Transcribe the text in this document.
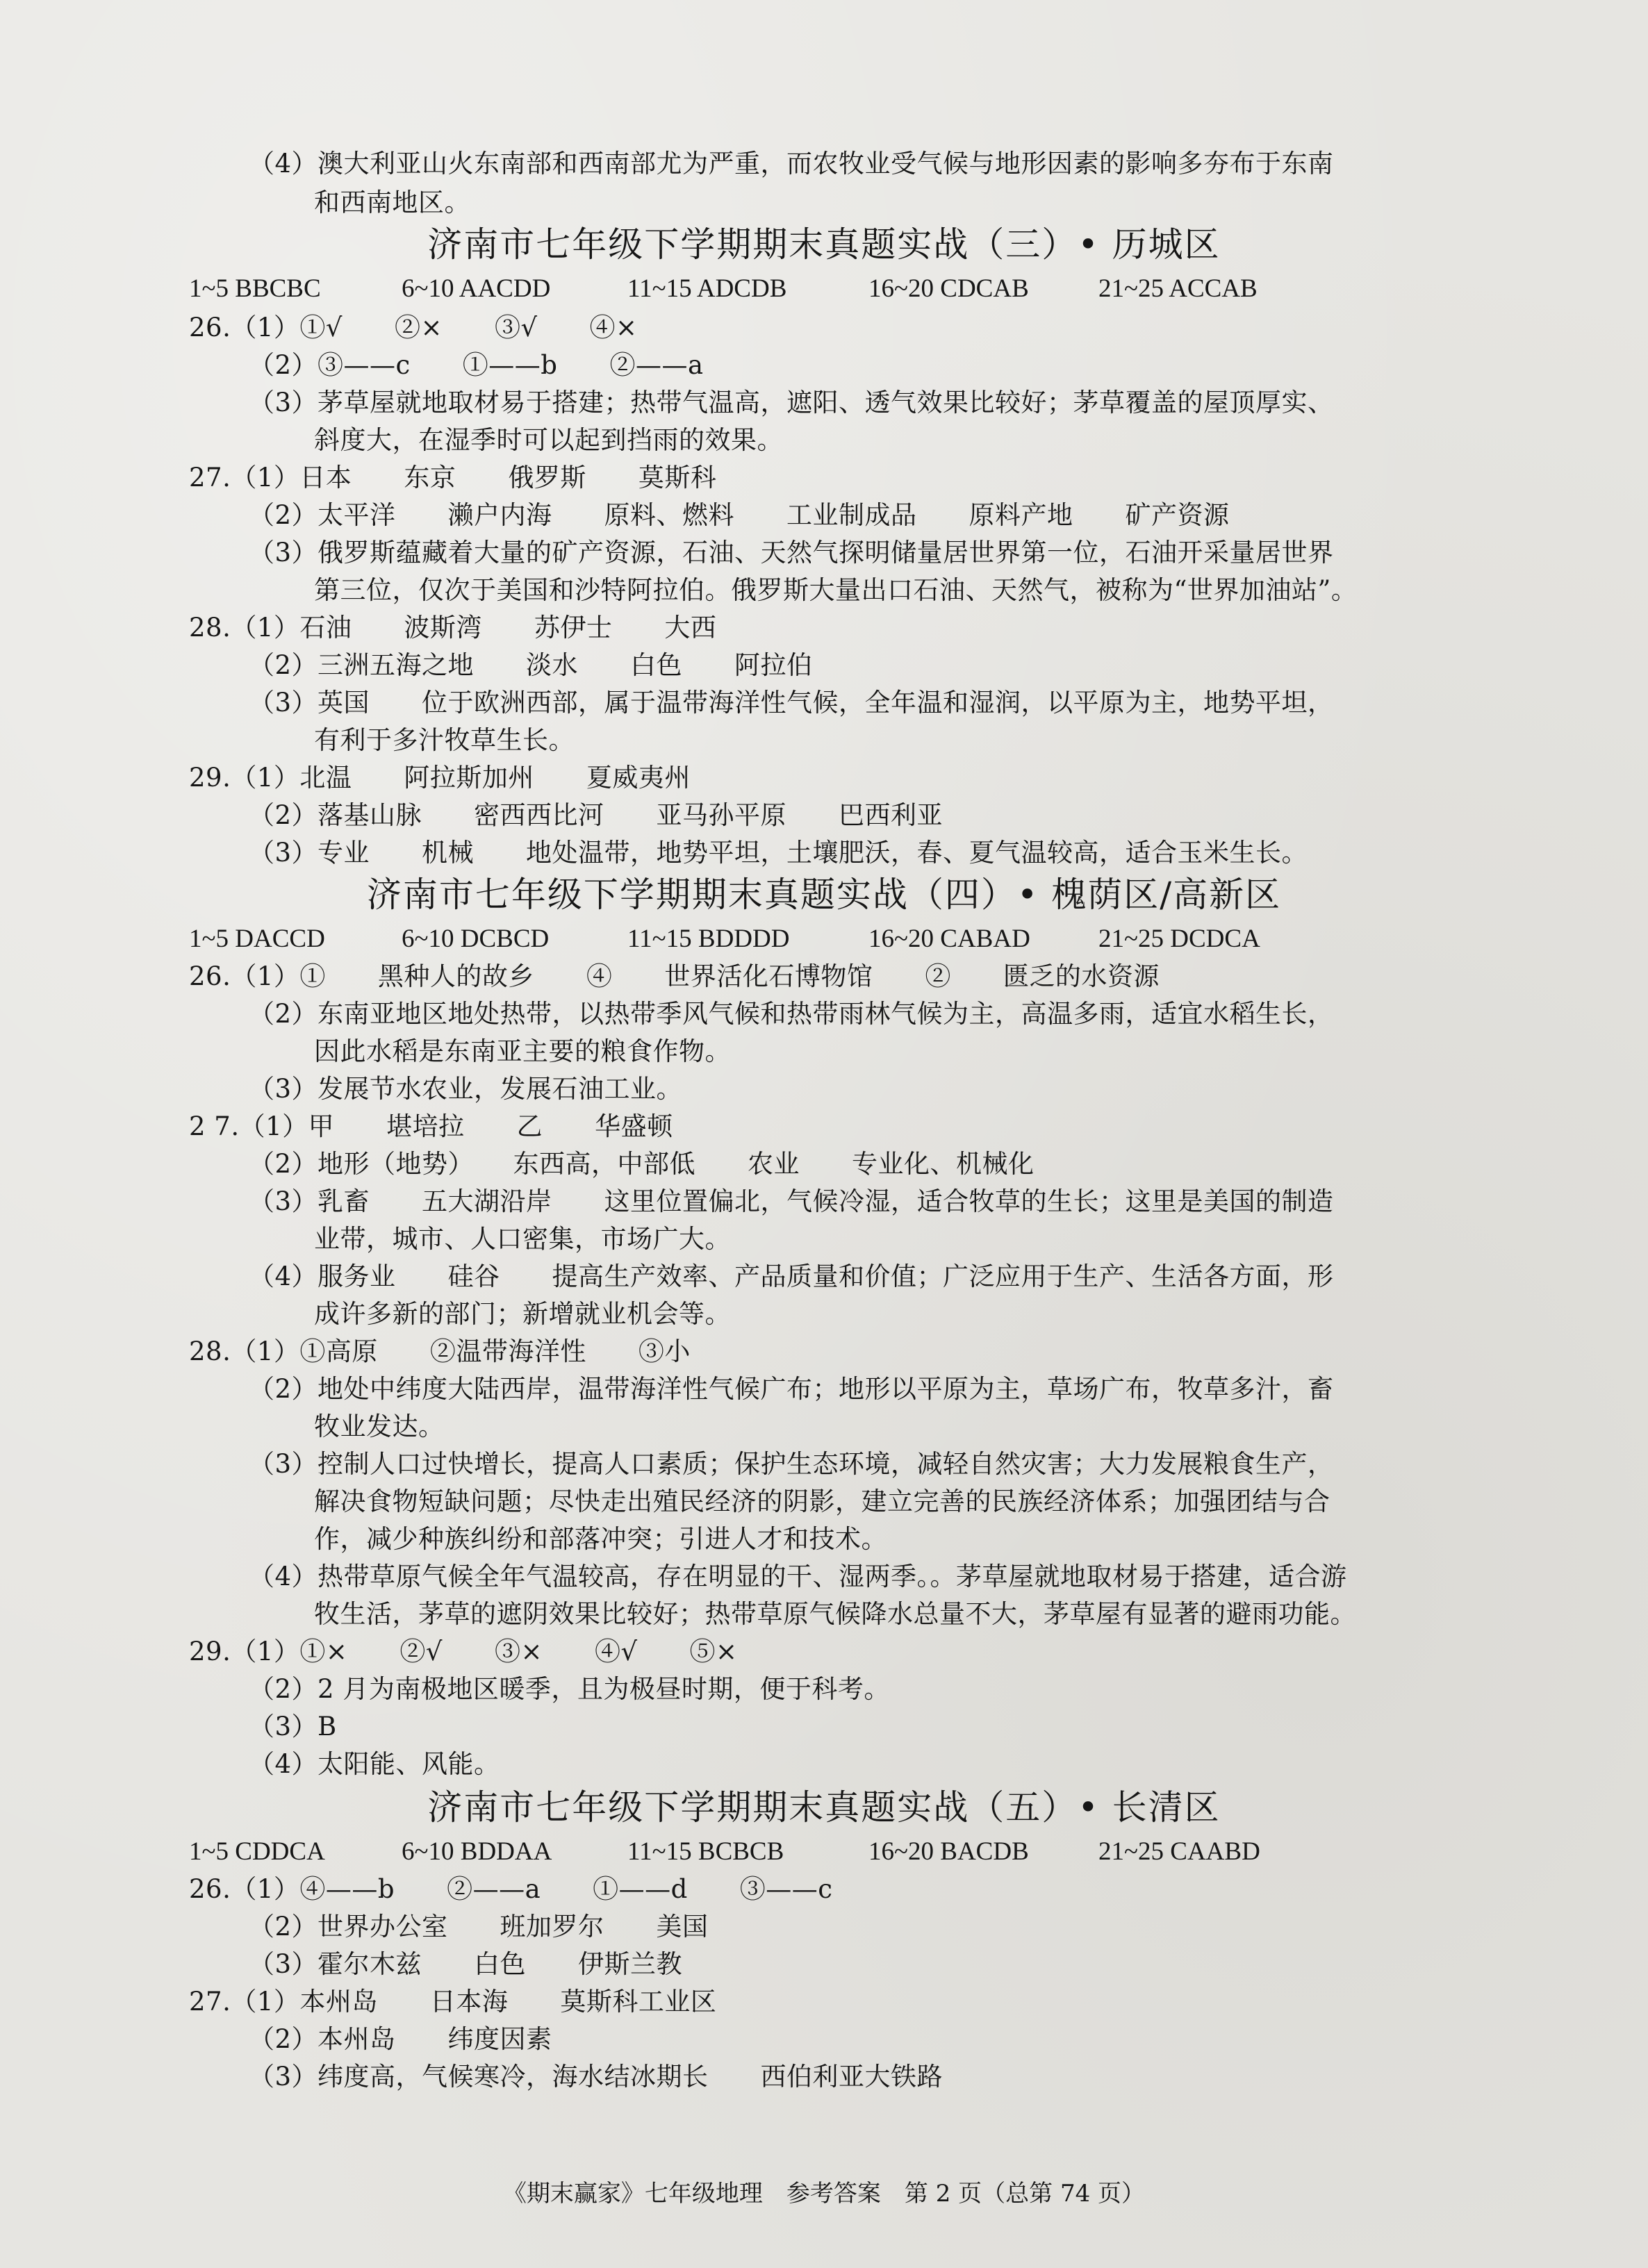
（4）澳大利亚山火东南部和西南部尤为严重，而农牧业受气候与地形因素的影响多夯布于东南
和西南地区。
济南市七年级下学期期末真题实战（三）• 历城区
1~5 BBCBC	6~10 AACDD	11~15 ADCDB	16~20 CDCAB	21~25 ACCAB
26.（1）①√　　②×　　③√　　④×
（2）③——c　　①——b　　②——a
（3）茅草屋就地取材易于搭建；热带气温高，遮阳、透气效果比较好；茅草覆盖的屋顶厚实、
斜度大，在湿季时可以起到挡雨的效果。
27.（1）日本　　东京　　俄罗斯　　莫斯科
（2）太平洋　　濑户内海　　原料、燃料　　工业制成品　　原料产地　　矿产资源
（3）俄罗斯蕴藏着大量的矿产资源，石油、天然气探明储量居世界第一位，石油开采量居世界
第三位，仅次于美国和沙特阿拉伯。俄罗斯大量出口石油、天然气，被称为“世界加油站”。
28.（1）石油　　波斯湾　　苏伊士　　大西
（2）三洲五海之地　　淡水　　白色　　阿拉伯
（3）英国　　位于欧洲西部，属于温带海洋性气候，全年温和湿润，以平原为主，地势平坦，
有利于多汁牧草生长。
29.（1）北温　　阿拉斯加州　　夏威夷州
（2）落基山脉　　密西西比河　　亚马孙平原　　巴西利亚
（3）专业　　机械　　地处温带，地势平坦，土壤肥沃，春、夏气温较高，适合玉米生长。
济南市七年级下学期期末真题实战（四）• 槐荫区/高新区
1~5 DACCD	6~10 DCBCD	11~15 BDDDD	16~20 CABAD	21~25 DCDCA
26.（1）①　　黑种人的故乡　　④　　世界活化石博物馆　　②　　匮乏的水资源
（2）东南亚地区地处热带，以热带季风气候和热带雨林气候为主，高温多雨，适宜水稻生长，
因此水稻是东南亚主要的粮食作物。
（3）发展节水农业，发展石油工业。
2 7.（1）甲　　堪培拉　　乙　　华盛顿
（2）地形（地势）　　东西高，中部低　　农业　　专业化、机械化
（3）乳畜　　五大湖沿岸　　这里位置偏北，气候冷湿，适合牧草的生长；这里是美国的制造
业带，城市、人口密集，市场广大。
（4）服务业　　硅谷　　提高生产效率、产品质量和价值；广泛应用于生产、生活各方面，形
成许多新的部门；新增就业机会等。
28.（1）①高原　　②温带海洋性　　③小
（2）地处中纬度大陆西岸，温带海洋性气候广布；地形以平原为主，草场广布，牧草多汁，畜
牧业发达。
（3）控制人口过快增长，提高人口素质；保护生态环境，减轻自然灾害；大力发展粮食生产，
解决食物短缺问题；尽快走出殖民经济的阴影，建立完善的民族经济体系；加强团结与合
作，减少种族纠纷和部落冲突；引进人才和技术。
（4）热带草原气候全年气温较高，存在明显的干、湿两季。。茅草屋就地取材易于搭建，适合游
牧生活，茅草的遮阴效果比较好；热带草原气候降水总量不大，茅草屋有显著的避雨功能。
29.（1）①×　　②√　　③×　　④√　　⑤×
（2）2 月为南极地区暖季，且为极昼时期，便于科考。
（3）B
（4）太阳能、风能。
济南市七年级下学期期末真题实战（五）• 长清区
1~5 CDDCA	6~10 BDDAA	11~15 BCBCB	16~20 BACDB	21~25 CAABD
26.（1）④——b　　②——a　　①——d　　③——c
（2）世界办公室　　班加罗尔　　美国
（3）霍尔木兹　　白色　　伊斯兰教
27.（1）本州岛　　日本海　　莫斯科工业区
（2）本州岛　　纬度因素
（3）纬度高，气候寒冷，海水结冰期长　　西伯利亚大铁路
《期末赢家》七年级地理　参考答案　第 2 页（总第 74 页）
